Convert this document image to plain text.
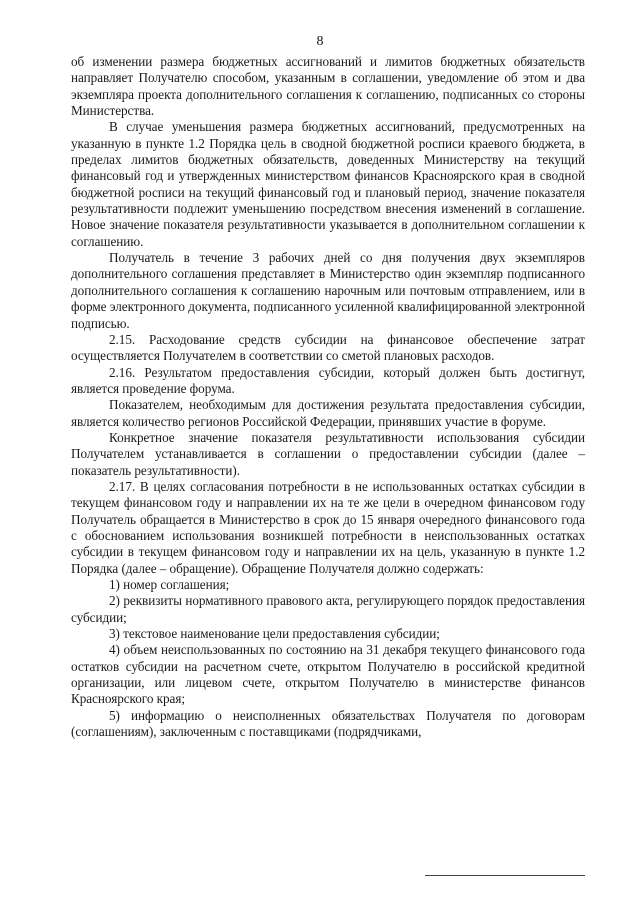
8

об изменении размера бюджетных ассигнований и лимитов бюджетных обязательств направляет Получателю способом, указанным в соглашении, уведомление об этом и два экземпляра проекта дополнительного соглашения к соглашению, подписанных со стороны Министерства.

В случае уменьшения размера бюджетных ассигнований, предусмотренных на указанную в пункте 1.2 Порядка цель в сводной бюджетной росписи краевого бюджета, в пределах лимитов бюджетных обязательств, доведенных Министерству на текущий финансовый год и утвержденных министерством финансов Красноярского края в сводной бюджетной росписи на текущий финансовый год и плановый период, значение показателя результативности подлежит уменьшению посредством внесения изменений в соглашение. Новое значение показателя результативности указывается в дополнительном соглашении к соглашению.

Получатель в течение 3 рабочих дней со дня получения двух экземпляров дополнительного соглашения представляет в Министерство один экземпляр подписанного дополнительного соглашения к соглашению нарочным или почтовым отправлением, или в форме электронного документа, подписанного усиленной квалифицированной электронной подписью.

2.15. Расходование средств субсидии на финансовое обеспечение затрат осуществляется Получателем в соответствии со сметой плановых расходов.

2.16. Результатом предоставления субсидии, который должен быть достигнут, является проведение форума.

Показателем, необходимым для достижения результата предоставления субсидии, является количество регионов Российской Федерации, принявших участие в форуме.

Конкретное значение показателя результативности использования субсидии Получателем устанавливается в соглашении о предоставлении субсидии (далее – показатель результативности).

2.17. В целях согласования потребности в не использованных остатках субсидии в текущем финансовом году и направлении их на те же цели в очередном финансовом году Получатель обращается в Министерство в срок до 15 января очередного финансового года с обоснованием использования возникшей потребности в неиспользованных остатках субсидии в текущем финансовом году и направлении их на цель, указанную в пункте 1.2 Порядка (далее – обращение). Обращение Получателя должно содержать:

1) номер соглашения;

2) реквизиты нормативного правового акта, регулирующего порядок предоставления субсидии;

3) текстовое наименование цели предоставления субсидии;

4) объем неиспользованных по состоянию на 31 декабря текущего финансового года остатков субсидии на расчетном счете, открытом Получателю в российской кредитной организации, или лицевом счете, открытом Получателю в министерстве финансов Красноярского края;

5) информацию о неисполненных обязательствах Получателя по договорам (соглашениям), заключенным с поставщиками (подрядчиками,
